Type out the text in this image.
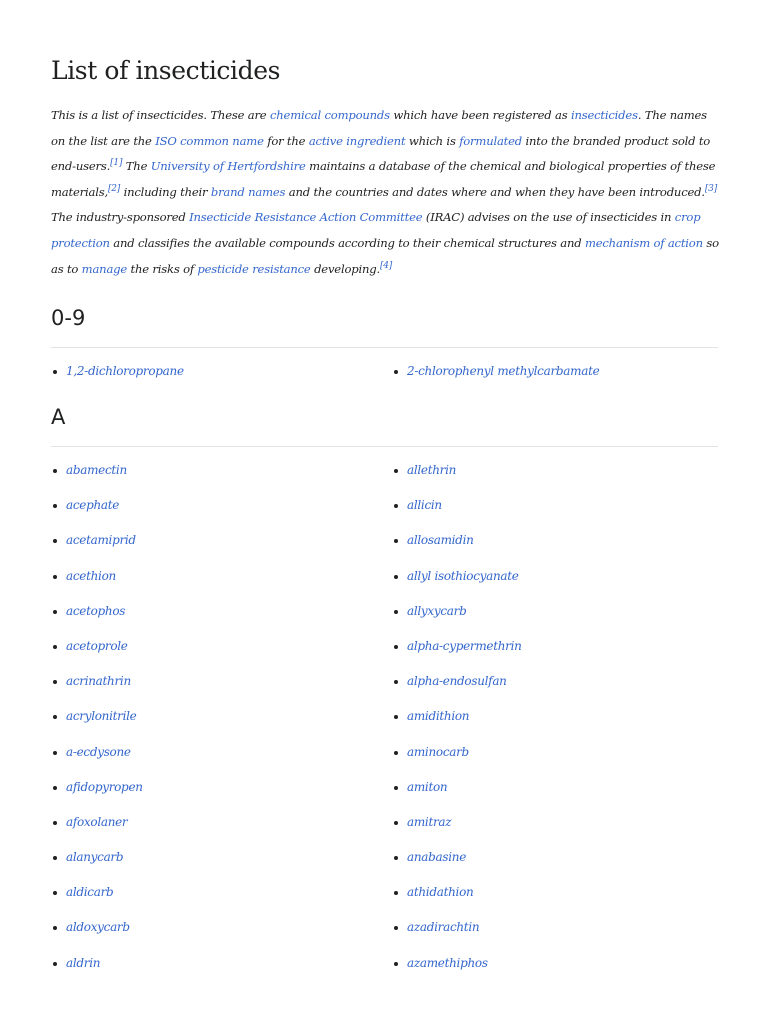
List of insecticides

This is a list of insecticides. These are chemical compounds which have been registered as insecticides. The names on the list are the ISO common name for the active ingredient which is formulated into the branded product sold to end-users.[1] The University of Hertfordshire maintains a database of the chemical and biological properties of these materials,[2] including their brand names and the countries and dates where and when they have been introduced.[3] The industry-sponsored Insecticide Resistance Action Committee (IRAC) advises on the use of insecticides in crop protection and classifies the available compounds according to their chemical structures and mechanism of action so as to manage the risks of pesticide resistance developing.[4]

0-9
1,2-dichloropropane	2-chlorophenyl methylcarbamate
A
abamectin
acephate
acetamiprid
acethion
acetophos
acetoprole
acrinathrin
acrylonitrile
a-ecdysone
afidopyropen
afoxolaner
alanycarb
aldicarb
aldoxycarb
aldrin
allethrin
allicin
allosamidin
allyl isothiocyanate
allyxycarb
alpha-cypermethrin
alpha-endosulfan
amidithion
aminocarb
amiton
amitraz
anabasine
athidathion
azadirachtin
azamethiphos
